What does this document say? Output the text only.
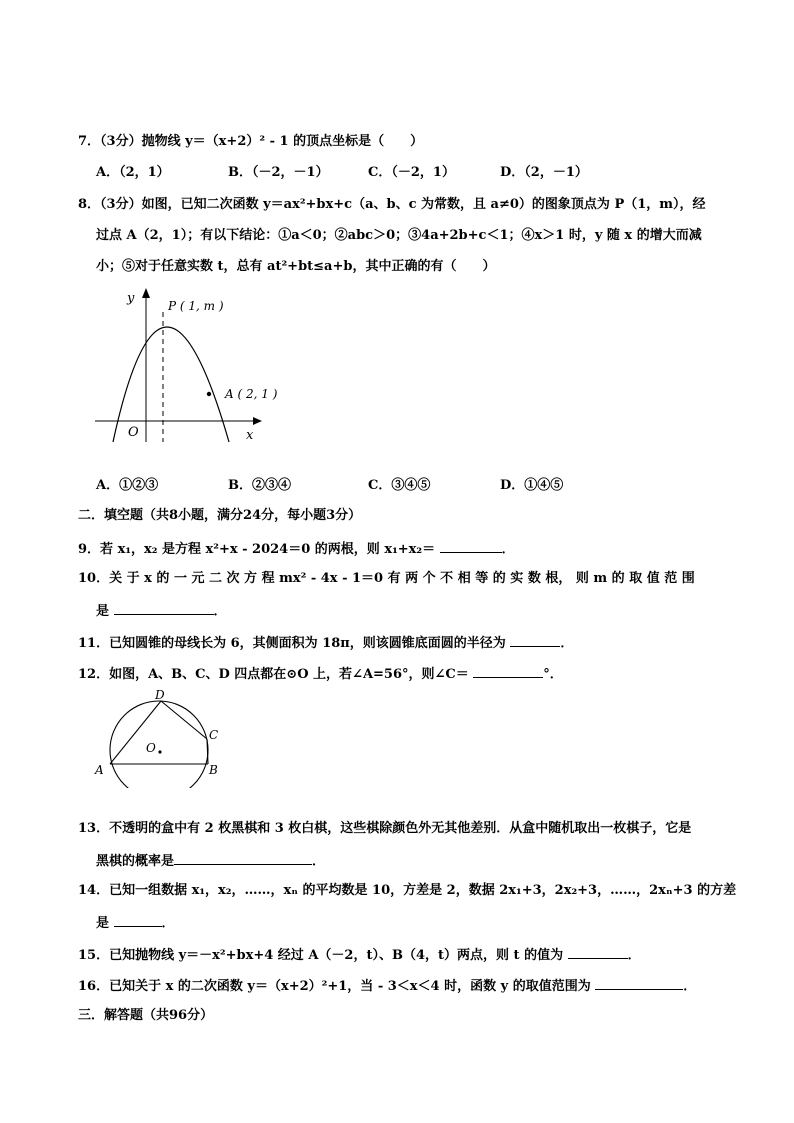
7．（3分）抛物线 y＝（x+2）² - 1 的顶点坐标是（　　）
A．（2，1）	B．（－2，－1）	C．（－2，1）	D．（2，－1）
8．（3分）如图，已知二次函数 y＝ax²+bx+c（a、b、c 为常数，且 a≠0）的图象顶点为 P（1，m），经
过点 A（2，1）；有以下结论：①a＜0；②abc＞0；③4a+2b+c＜1；④x＞1 时，y 随 x 的增大而减
小；⑤对于任意实数 t，总有 at²+bt≤a+b，其中正确的有（　　）
y
x
O
P ( 1, m )
A ( 2, 1 )
A．①②③	B．②③④	C．③④⑤	D．①④⑤
二．填空题（共8小题，满分24分，每小题3分）
9．若 x₁，x₂ 是方程 x²+x - 2024＝0 的两根，则 x₁+x₂＝	．
10．关 于 x 的 一 元 二 次 方 程 mx² - 4x - 1＝0 有 两 个 不 相 等 的 实 数 根， 则 m 的 取 值 范 围
是	．
11．已知圆锥的母线长为 6，其侧面积为 18π，则该圆锥底面圆的半径为	．
12．如图，A、B、C、D 四点都在⊙O 上，若∠A=56°，则∠C＝	°．
D
C
O
A	B
13．不透明的盒中有 2 枚黑棋和 3 枚白棋，这些棋除颜色外无其他差别．从盒中随机取出一枚棋子，它是
黑棋的概率是	．
14．已知一组数据 x₁，x₂，……，xₙ 的平均数是 10，方差是 2，数据 2x₁+3，2x₂+3，……，2xₙ+3 的方差
是	．
15．已知抛物线 y＝－x²+bx+4 经过 A（－2，t）、B（4，t）两点，则 t 的值为	．
16．已知关于 x 的二次函数 y＝（x+2）²+1，当 - 3＜x＜4 时，函数 y 的取值范围为	．
三．解答题（共96分）
